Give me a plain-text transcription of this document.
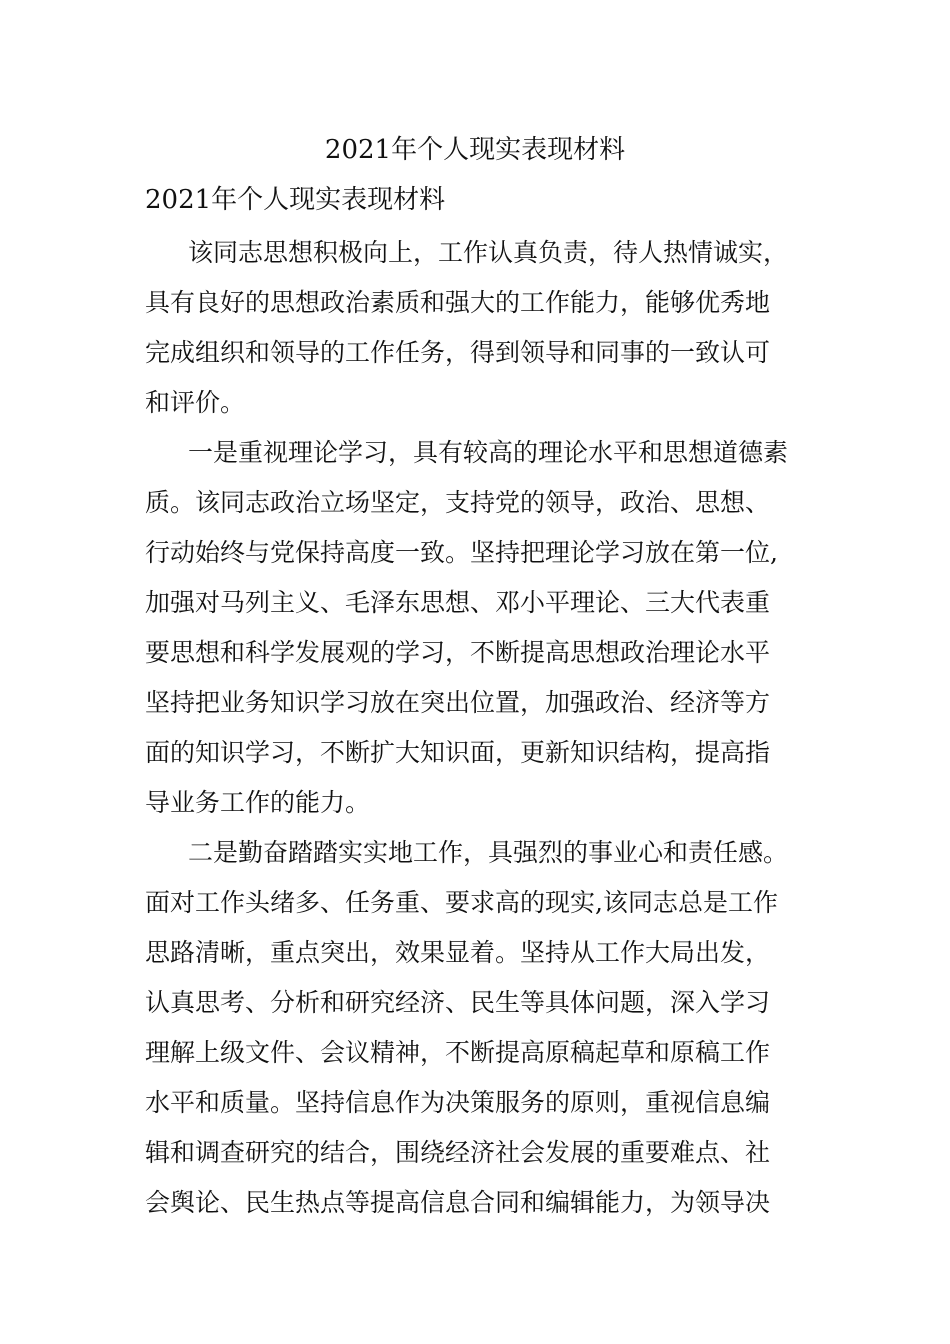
2021年个人现实表现材料
2021年个人现实表现材料
该同志思想积极向上，工作认真负责，待人热情诚实，
具有良好的思想政治素质和强大的工作能力，能够优秀地
完成组织和领导的工作任务，得到领导和同事的一致认可
和评价。
一是重视理论学习，具有较高的理论水平和思想道德素
质。该同志政治立场坚定，支持党的领导，政治、思想、
行动始终与党保持高度一致。坚持把理论学习放在第一位,
加强对马列主义、毛泽东思想、邓小平理论、三大代表重
要思想和科学发展观的学习，不断提高思想政治理论水平
坚持把业务知识学习放在突出位置，加强政治、经济等方
面的知识学习，不断扩大知识面，更新知识结构，提高指
导业务工作的能力。
二是勤奋踏踏实实地工作，具强烈的事业心和责任感。
面对工作头绪多、任务重、要求高的现实,该同志总是工作
思路清晰，重点突出，效果显着。坚持从工作大局出发，
认真思考、分析和研究经济、民生等具体问题，深入学习
理解上级文件、会议精神，不断提高原稿起草和原稿工作
水平和质量。坚持信息作为决策服务的原则，重视信息编
辑和调查研究的结合，围绕经济社会发展的重要难点、社
会舆论、民生热点等提高信息合同和编辑能力，为领导决
